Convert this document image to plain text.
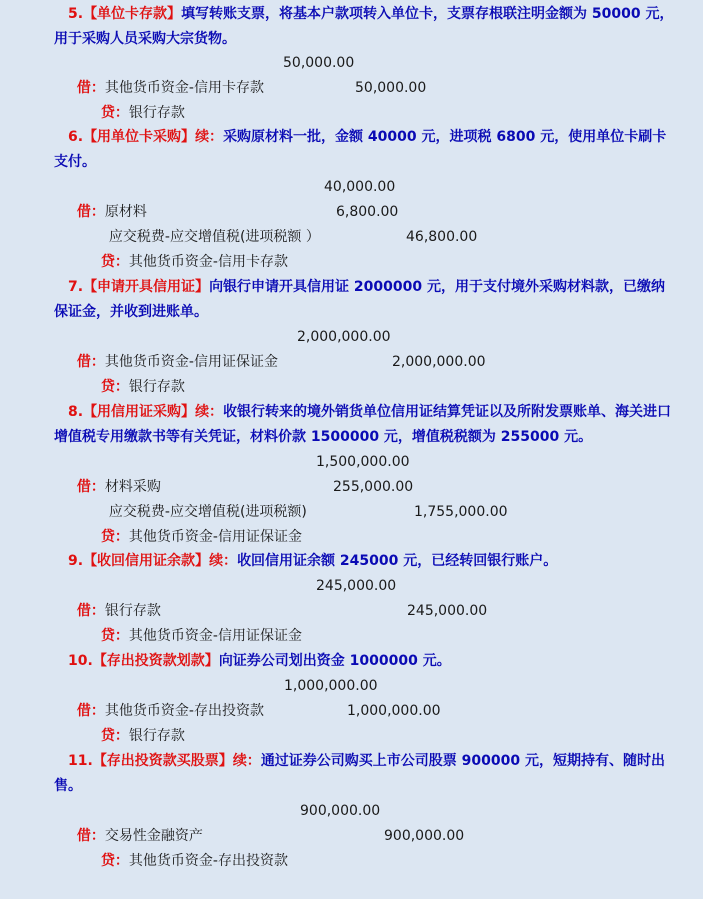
5.【单位卡存款】填写转账支票，将基本户款项转入单位卡，支票存根联注明金额为 50000 元，用于采购人员采购大宗货物。

借：其他货币资金-信用卡存款

50,000.00

贷：银行存款

50,000.00

6.【用单位卡采购】续：采购原材料一批，金额 40000 元，进项税 6800 元，使用单位卡刷卡支付。

借：原材料

40,000.00

应交税费-应交增值税(进项税额 ）

6,800.00

贷：其他货币资金-信用卡存款

46,800.00

7.【申请开具信用证】向银行申请开具信用证 2000000 元，用于支付境外采购材料款，已缴纳保证金，并收到进账单。

借：其他货币资金-信用证保证金

2,000,000.00

贷：银行存款

2,000,000.00

8.【用信用证采购】续：收银行转来的境外销货单位信用证结算凭证以及所附发票账单、海关进口增值税专用缴款书等有关凭证，材料价款 1500000 元，增值税税额为 255000 元。

借：材料采购

1,500,000.00

应交税费-应交增值税(进项税额)

255,000.00

贷：其他货币资金-信用证保证金

1,755,000.00

9.【收回信用证余款】续：收回信用证余额 245000 元，已经转回银行账户。

借：银行存款

245,000.00

贷：其他货币资金-信用证保证金

245,000.00

10.【存出投资款划款】向证券公司划出资金 1000000 元。

借：其他货币资金-存出投资款

1,000,000.00

贷：银行存款

1,000,000.00

11.【存出投资款买股票】续：通过证券公司购买上市公司股票 900000 元，短期持有、随时出售。

借：交易性金融资产

900,000.00

贷：其他货币资金-存出投资款

900,000.00
